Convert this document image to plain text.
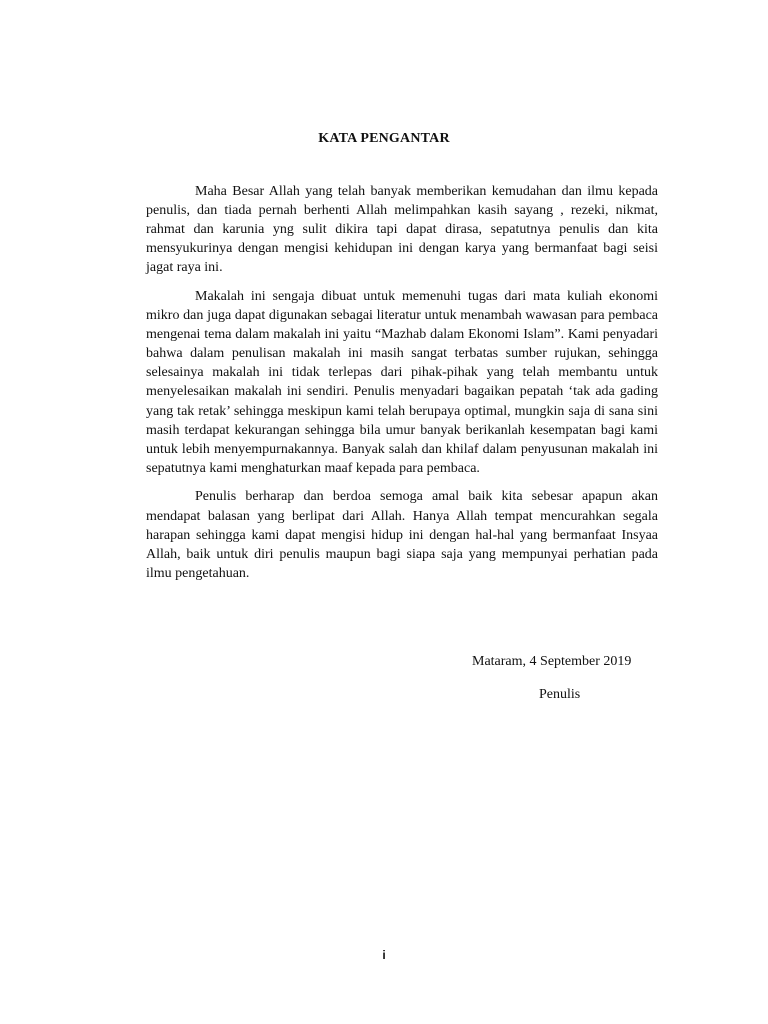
KATA PENGANTAR

Maha Besar Allah yang telah banyak memberikan kemudahan dan ilmu kepada penulis, dan tiada pernah berhenti Allah melimpahkan kasih sayang , rezeki, nikmat, rahmat dan karunia yng sulit dikira tapi dapat dirasa, sepatutnya penulis dan kita mensyukurinya dengan mengisi kehidupan ini dengan karya yang bermanfaat bagi seisi jagat raya ini.

Makalah ini sengaja dibuat untuk memenuhi tugas dari mata kuliah ekonomi mikro dan juga dapat digunakan sebagai literatur untuk menambah wawasan para pembaca mengenai tema dalam makalah ini yaitu “Mazhab dalam Ekonomi Islam”. Kami penyadari bahwa dalam penulisan makalah ini masih sangat terbatas sumber rujukan, sehingga selesainya makalah ini tidak terlepas dari pihak-pihak yang telah membantu untuk menyelesaikan makalah ini sendiri. Penulis menyadari bagaikan pepatah ‘tak ada gading yang tak retak’ sehingga meskipun kami telah berupaya optimal, mungkin saja di sana sini masih terdapat kekurangan sehingga bila umur banyak berikanlah kesempatan bagi kami untuk lebih menyempurnakannya. Banyak salah dan khilaf dalam penyusunan makalah ini sepatutnya kami menghaturkan maaf kepada para pembaca.

Penulis berharap dan berdoa semoga amal baik kita sebesar apapun akan mendapat balasan yang berlipat dari Allah. Hanya Allah tempat mencurahkan segala harapan sehingga kami dapat mengisi hidup ini dengan hal-hal yang bermanfaat Insyaa Allah, baik untuk diri penulis maupun bagi siapa saja yang mempunyai perhatian pada ilmu pengetahuan.

Mataram, 4 September 2019
Penulis
i
